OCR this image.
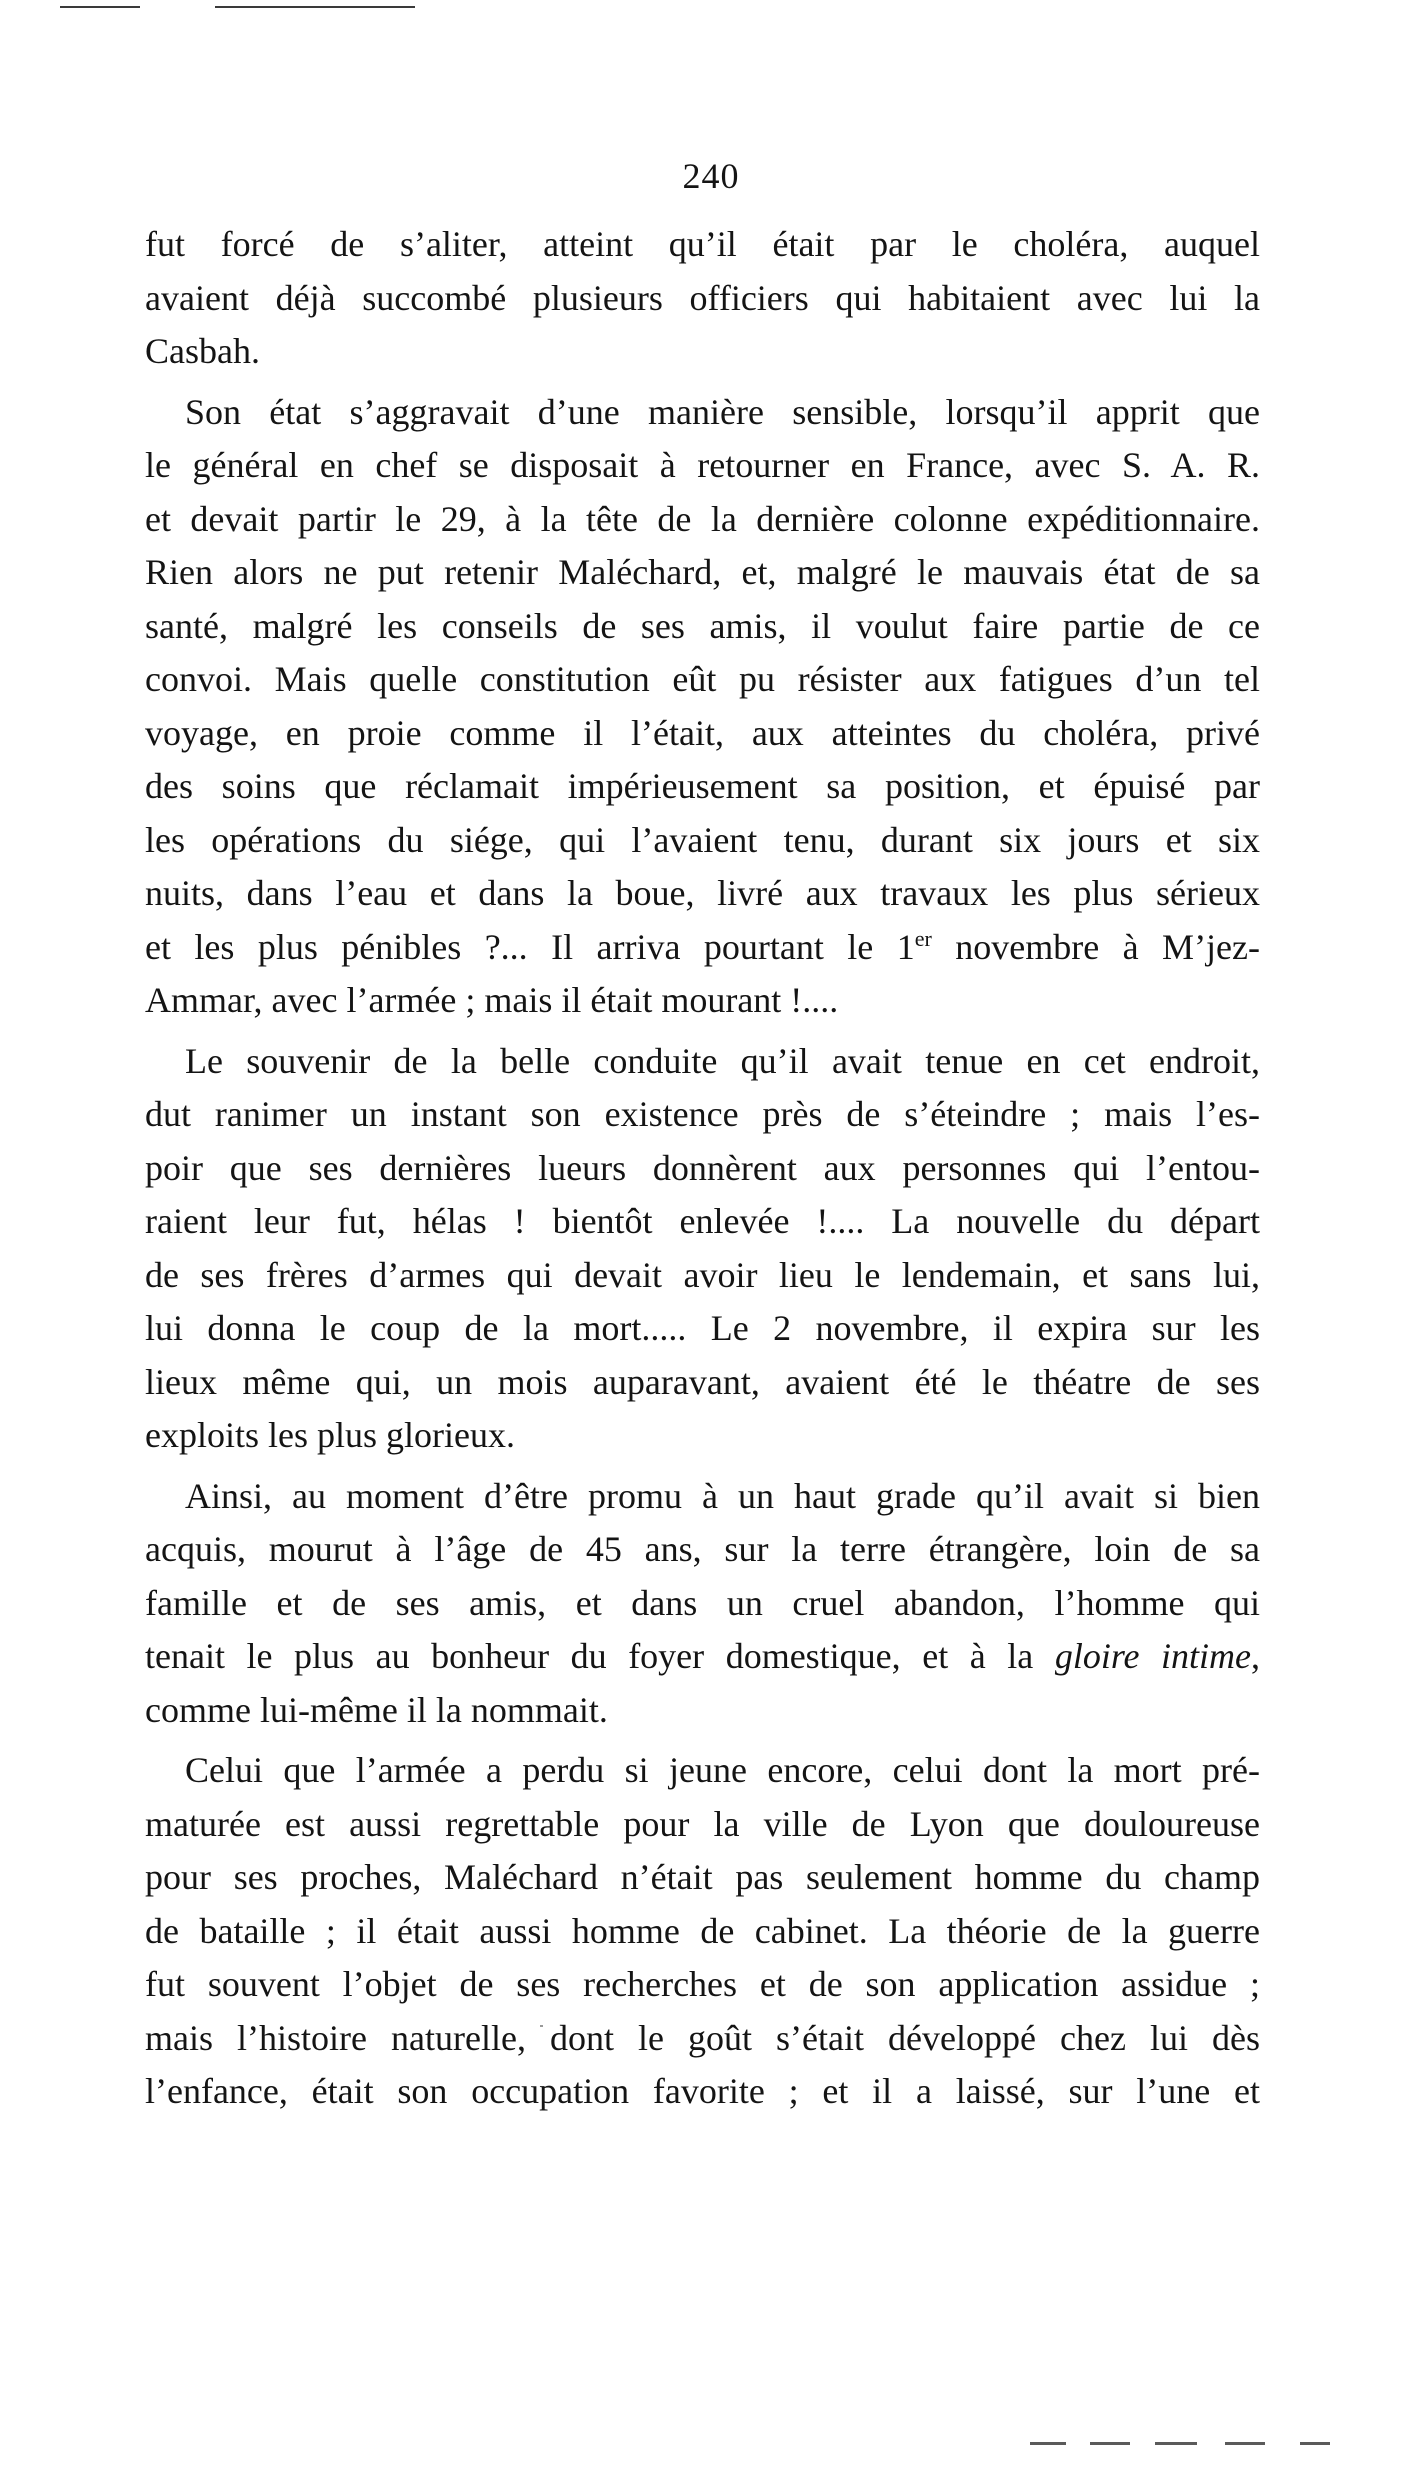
240
fut forcé de s’aliter, atteint qu’il était par le choléra, auquel
avaient déjà succombé plusieurs officiers qui habitaient avec lui la
Casbah.
Son état s’aggravait d’une manière sensible, lorsqu’il apprit que
le général en chef se disposait à retourner en France, avec S. A. R.
et devait partir le 29, à la tête de la dernière colonne expéditionnaire.
Rien alors ne put retenir Maléchard, et, malgré le mauvais état de sa
santé, malgré les conseils de ses amis, il voulut faire partie de ce
convoi. Mais quelle constitution eût pu résister aux fatigues d’un tel
voyage, en proie comme il l’était, aux atteintes du choléra, privé
des soins que réclamait impérieusement sa position, et épuisé par
les opérations du siége, qui l’avaient tenu, durant six jours et six
nuits, dans l’eau et dans la boue, livré aux travaux les plus sérieux
et les plus pénibles ?... Il arriva pourtant le 1er novembre à M’jez-
Ammar, avec l’armée ; mais il était mourant !....
Le souvenir de la belle conduite qu’il avait tenue en cet endroit,
dut ranimer un instant son existence près de s’éteindre ; mais l’es-
poir que ses dernières lueurs donnèrent aux personnes qui l’entou-
raient leur fut, hélas ! bientôt enlevée !.... La nouvelle du départ
de ses frères d’armes qui devait avoir lieu le lendemain, et sans lui,
lui donna le coup de la mort..... Le 2 novembre, il expira sur les
lieux même qui, un mois auparavant, avaient été le théatre de ses
exploits les plus glorieux.
Ainsi, au moment d’être promu à un haut grade qu’il avait si bien
acquis, mourut à l’âge de 45 ans, sur la terre étrangère, loin de sa
famille et de ses amis, et dans un cruel abandon, l’homme qui
tenait le plus au bonheur du foyer domestique, et à la gloire intime,
comme lui-même il la nommait.
Celui que l’armée a perdu si jeune encore, celui dont la mort pré-
maturée est aussi regrettable pour la ville de Lyon que douloureuse
pour ses proches, Maléchard n’était pas seulement homme du champ
de bataille ; il était aussi homme de cabinet. La théorie de la guerre
fut souvent l’objet de ses recherches et de son application assidue ;
mais l’histoire naturelle, dont le goût s’était développé chez lui dès
l’enfance, était son occupation favorite ; et il a laissé, sur l’une et
